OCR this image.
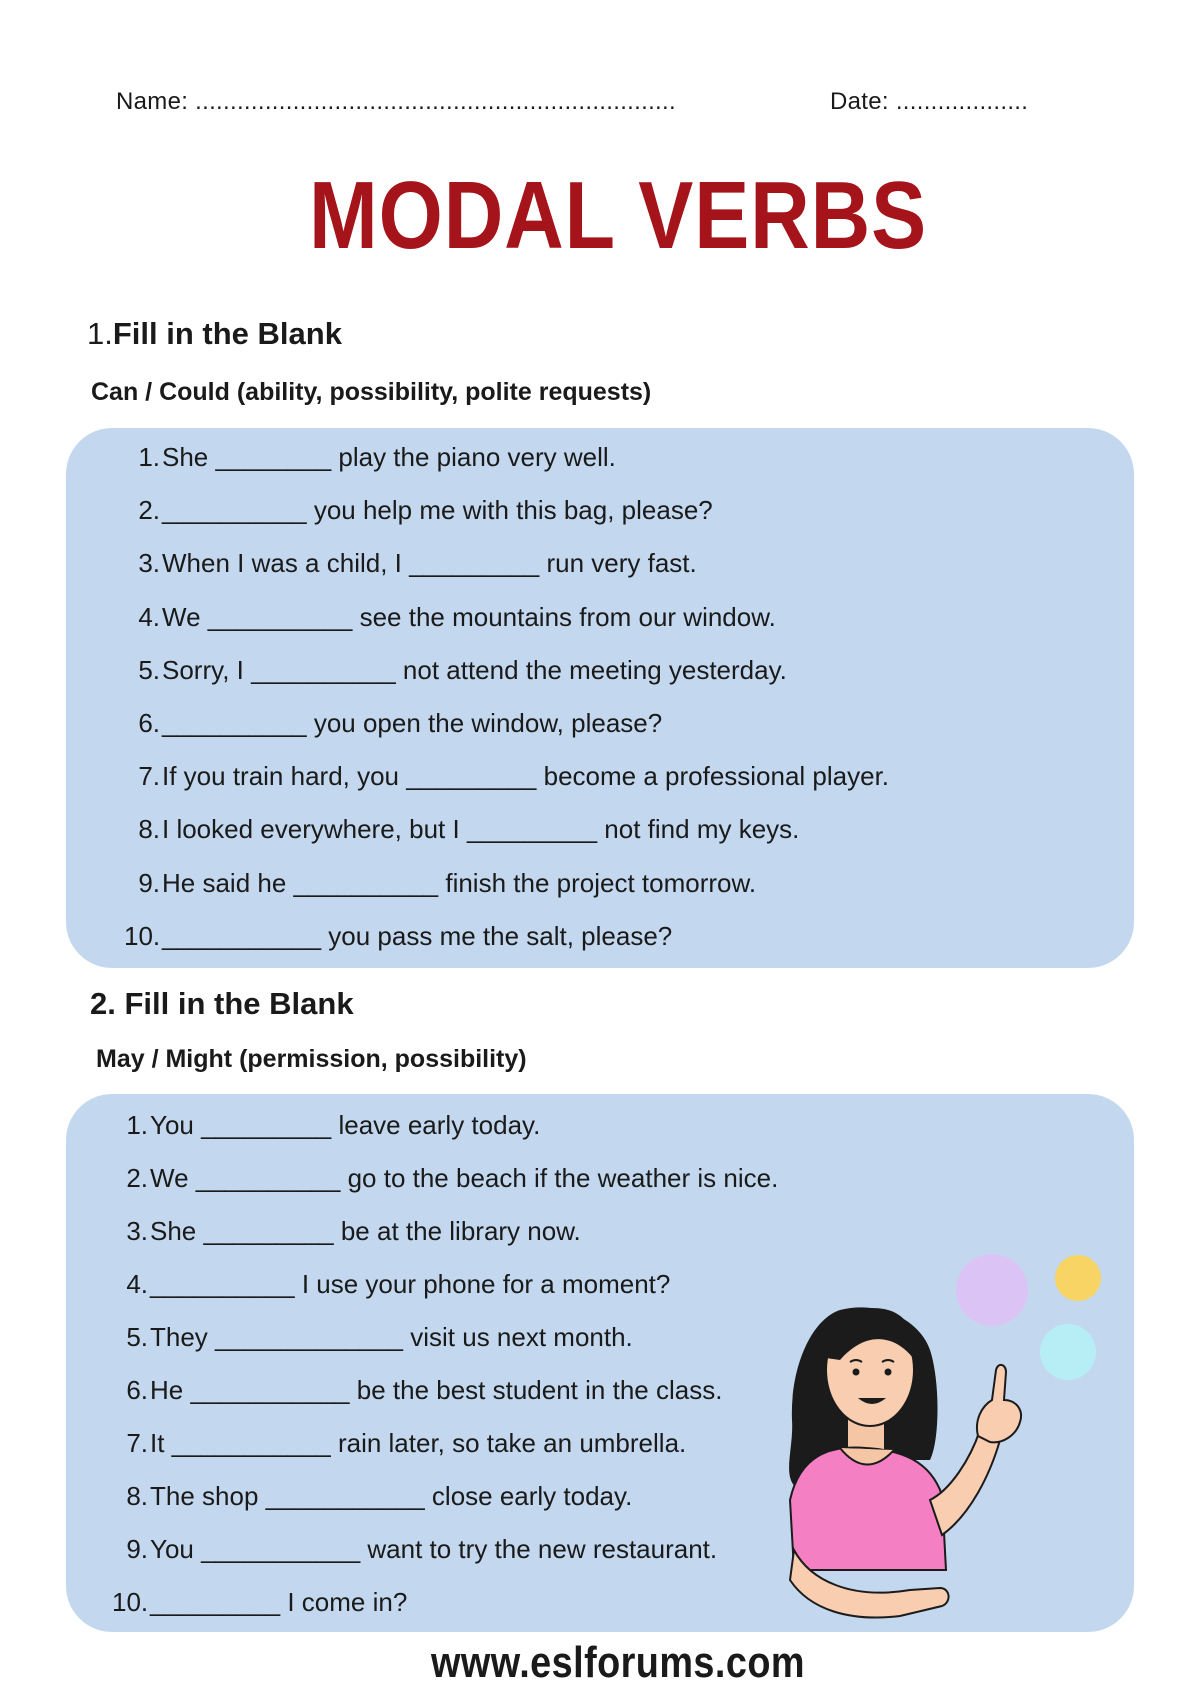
Name: .....................................................................	Date: ...................
MODAL VERBS
1.Fill in the Blank
Can / Could (ability, possibility, polite requests)
1.She ________ play the piano very well.
2.__________ you help me with this bag, please?
3.When I was a child, I _________ run very fast.
4.We __________ see the mountains from our window.
5.Sorry, I __________ not attend the meeting yesterday.
6.__________ you open the window, please?
7.If you train hard, you _________ become a professional player.
8.I looked everywhere, but I _________ not find my keys.
9.He said he __________ finish the project tomorrow.
10.___________ you pass me the salt, please?
2. Fill in the Blank
May / Might (permission, possibility)
1.You _________ leave early today.
2.We __________ go to the beach if the weather is nice.
3.She _________ be at the library now.
4.__________ I use your phone for a moment?
5.They _____________ visit us next month.
6.He ___________ be the best student in the class.
7.It ___________ rain later, so take an umbrella.
8.The shop ___________ close early today.
9.You ___________ want to try the new restaurant.
10._________ I come in?
www.eslforums.com
